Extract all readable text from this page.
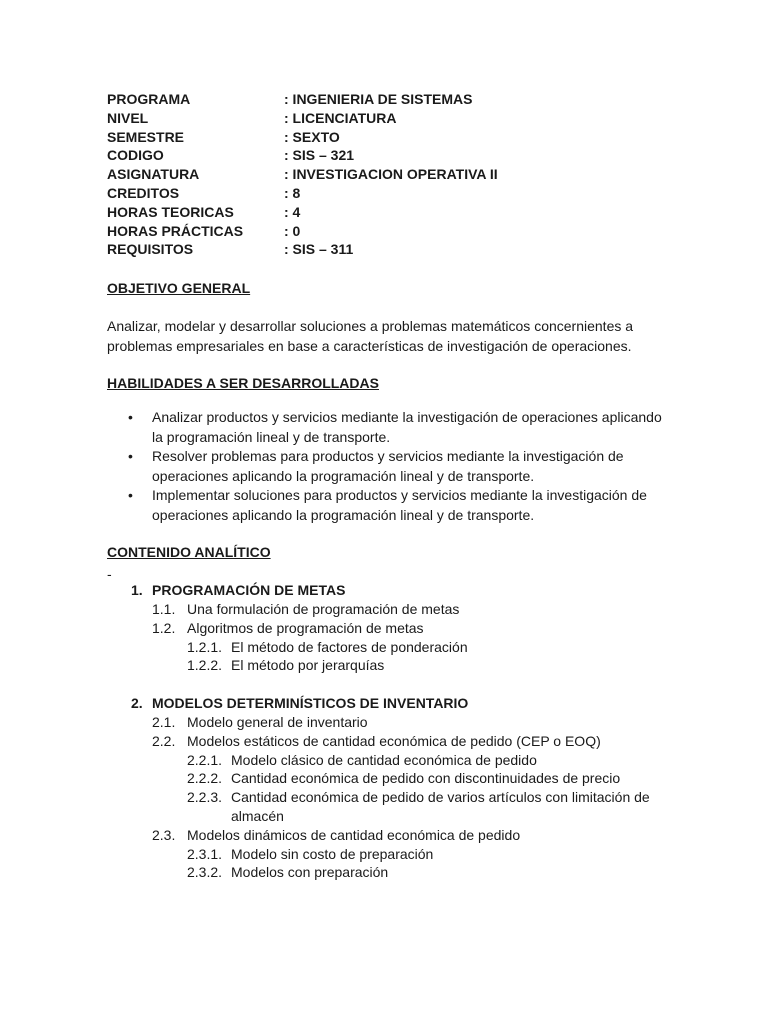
PROGRAMA	: INGENIERIA DE SISTEMAS
NIVEL	: LICENCIATURA
SEMESTRE	: SEXTO
CODIGO	: SIS – 321
ASIGNATURA	: INVESTIGACION OPERATIVA II
CREDITOS	: 8
HORAS TEORICAS	: 4
HORAS PRÁCTICAS	: 0
REQUISITOS	: SIS – 311

OBJETIVO GENERAL

Analizar, modelar y desarrollar soluciones a problemas matemáticos concernientes a problemas empresariales en base a características de investigación de operaciones.

HABILIDADES A SER DESARROLLADAS

• Analizar productos y servicios mediante la investigación de operaciones aplicando la programación lineal y de transporte.
• Resolver problemas para productos y servicios mediante la investigación de operaciones aplicando la programación lineal y de transporte.
• Implementar soluciones para productos y servicios mediante la investigación de operaciones aplicando la programación lineal y de transporte.

CONTENIDO ANALÍTICO

-
1. PROGRAMACIÓN DE METAS
1.1. Una formulación de programación de metas
1.2. Algoritmos de programación de metas
1.2.1. El método de factores de ponderación
1.2.2. El método por jerarquías
2. MODELOS DETERMINÍSTICOS DE INVENTARIO
2.1. Modelo general de inventario
2.2. Modelos estáticos de cantidad económica de pedido (CEP o EOQ)
2.2.1. Modelo clásico de cantidad económica de pedido
2.2.2. Cantidad económica de pedido con discontinuidades de precio
2.2.3. Cantidad económica de pedido de varios artículos con limitación de almacén
2.3. Modelos dinámicos de cantidad económica de pedido
2.3.1. Modelo sin costo de preparación
2.3.2. Modelos con preparación
